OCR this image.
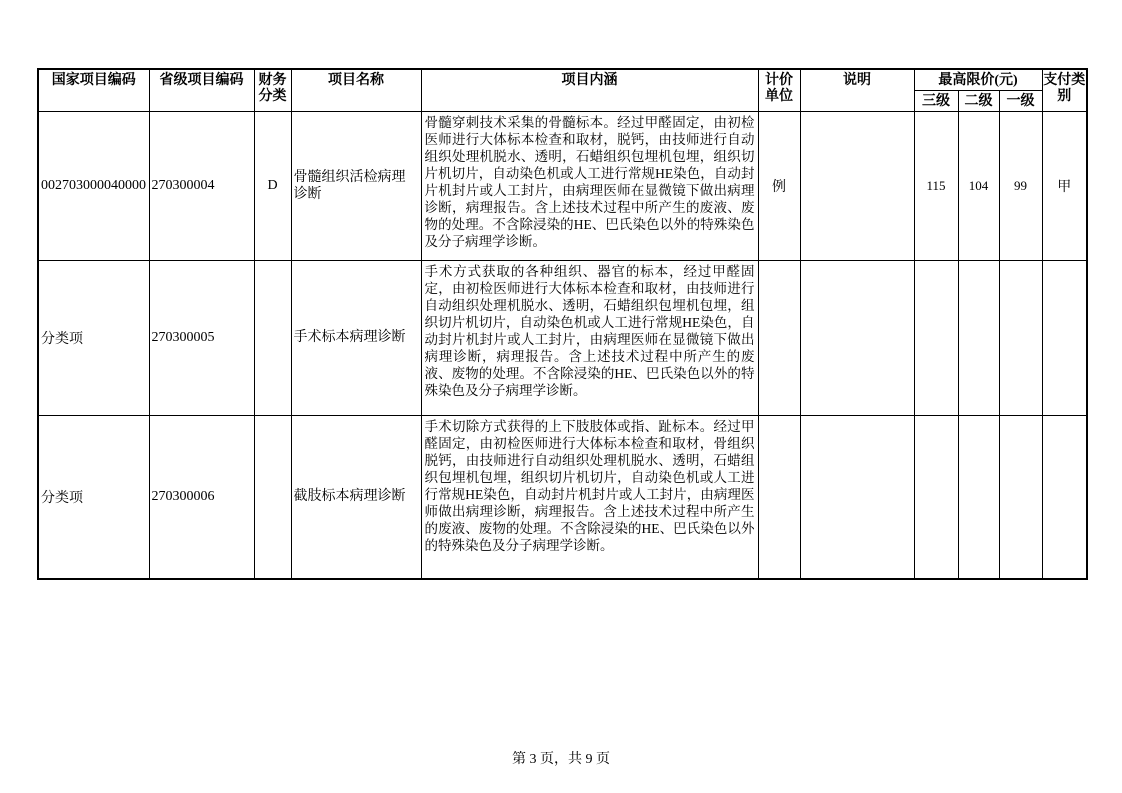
国家项目编码	省级项目编码	财务分类	项目名称	项目内涵	计价单位	说明	最高限价(元)			支付类别
							三级	二级	一级	
002703000040000	270300004	D	骨髓组织活检病理诊断	骨髓穿刺技术采集的骨髓标本。经过甲醛固定，由初检医师进行大体标本检查和取材，脱钙，由技师进行自动组织处理机脱水、透明，石蜡组织包埋机包埋，组织切片机切片，自动染色机或人工进行常规HE染色，自动封片机封片或人工封片，由病理医师在显微镜下做出病理诊断，病理报告。含上述技术过程中所产生的废液、废物的处理。不含除浸染的HE、巴氏染色以外的特殊染色及分子病理学诊断。	例		115	104	99	甲
分类项	270300005		手术标本病理诊断	手术方式获取的各种组织、器官的标本，经过甲醛固定，由初检医师进行大体标本检查和取材，由技师进行自动组织处理机脱水、透明，石蜡组织包埋机包埋，组织切片机切片，自动染色机或人工进行常规HE染色，自动封片机封片或人工封片，由病理医师在显微镜下做出病理诊断，病理报告。含上述技术过程中所产生的废液、废物的处理。不含除浸染的HE、巴氏染色以外的特殊染色及分子病理学诊断。						
分类项	270300006		截肢标本病理诊断	手术切除方式获得的上下肢肢体或指、趾标本。经过甲醛固定，由初检医师进行大体标本检查和取材，骨组织脱钙，由技师进行自动组织处理机脱水、透明，石蜡组织包埋机包埋，组织切片机切片，自动染色机或人工进行常规HE染色，自动封片机封片或人工封片，由病理医师做出病理诊断，病理报告。含上述技术过程中所产生的废液、废物的处理。不含除浸染的HE、巴氏染色以外的特殊染色及分子病理学诊断。						
第 3 页，共 9 页
